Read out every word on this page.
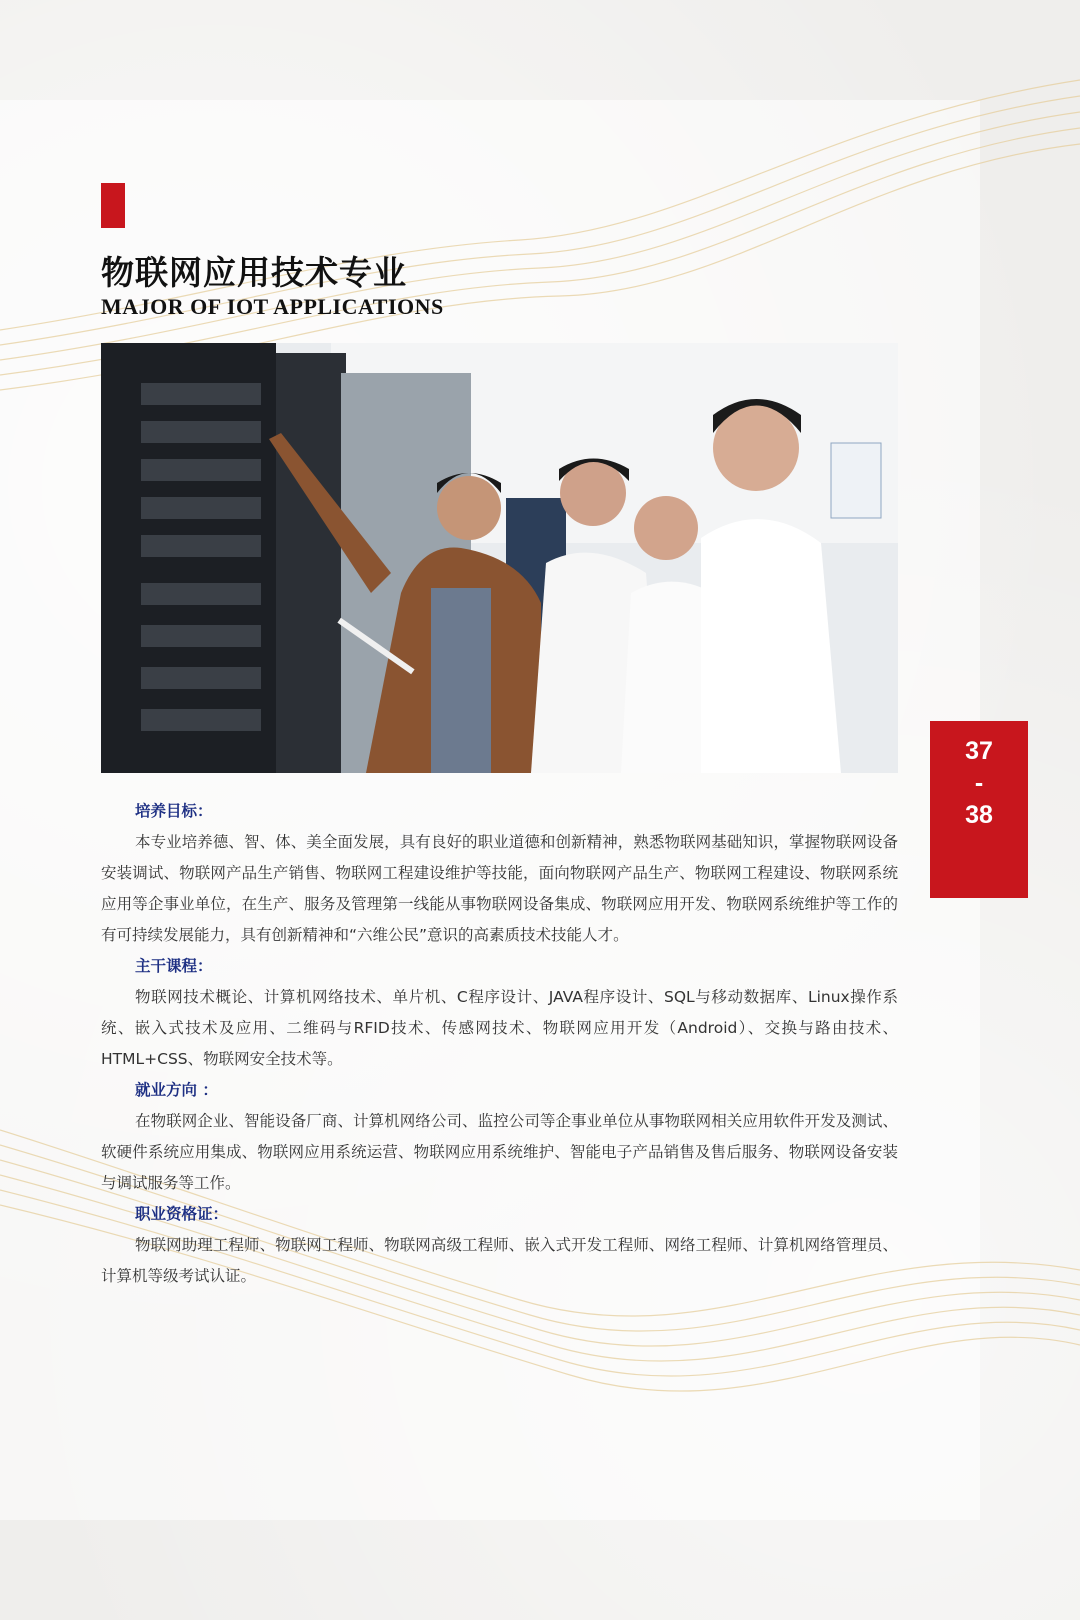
物联网应用技术专业
MAJOR OF IOT APPLICATIONS
37
-
38

培养目标：

本专业培养德、智、体、美全面发展，具有良好的职业道德和创新精神，熟悉物联网基础知识，掌握物联网设备安装调试、物联网产品生产销售、物联网工程建设维护等技能，面向物联网产品生产、物联网工程建设、物联网系统应用等企事业单位，在生产、服务及管理第一线能从事物联网设备集成、物联网应用开发、物联网系统维护等工作的有可持续发展能力，具有创新精神和“六维公民”意识的高素质技术技能人才。

主干课程：

物联网技术概论、计算机网络技术、单片机、C程序设计、JAVA程序设计、SQL与移动数据库、Linux操作系统、嵌入式技术及应用、二维码与RFID技术、传感网技术、物联网应用开发（Android）、交换与路由技术、HTML+CSS、物联网安全技术等。

就业方向 ：

在物联网企业、智能设备厂商、计算机网络公司、监控公司等企事业单位从事物联网相关应用软件开发及测试、软硬件系统应用集成、物联网应用系统运营、物联网应用系统维护、智能电子产品销售及售后服务、物联网设备安装与调试服务等工作。

职业资格证：

物联网助理工程师、物联网工程师、物联网高级工程师、嵌入式开发工程师、网络工程师、计算机网络管理员、计算机等级考试认证。
